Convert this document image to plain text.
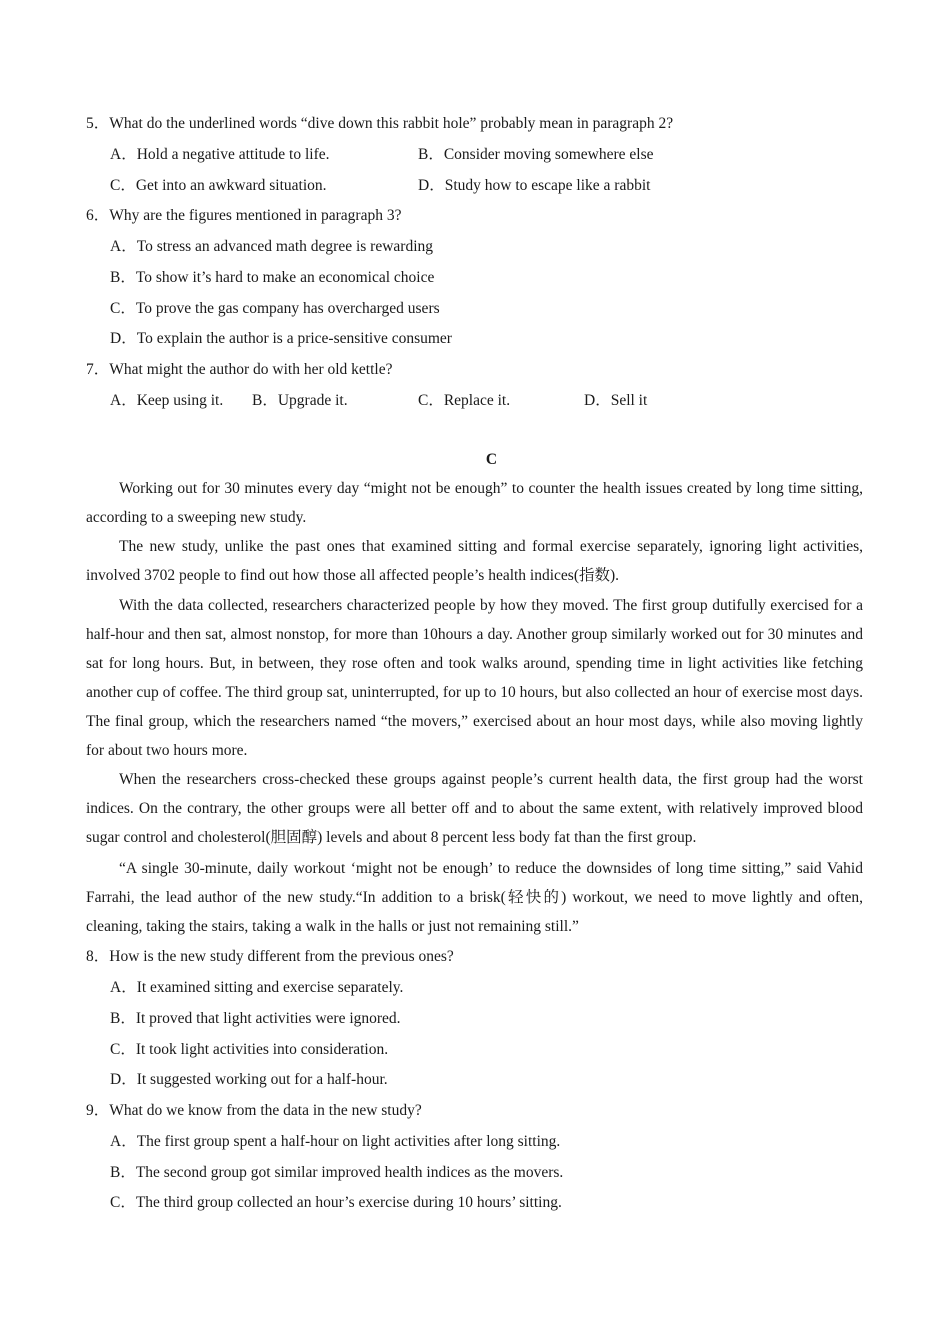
5．What do the underlined words “dive down this rabbit hole” probably mean in paragraph 2?
A．Hold a negative attitude to life.	B．Consider moving somewhere else
C．Get into an awkward situation.	D．Study how to escape like a rabbit
6．Why are the figures mentioned in paragraph 3?
A．To stress an advanced math degree is rewarding
B．To show it’s hard to make an economical choice
C．To prove the gas company has overcharged users
D．To explain the author is a price-sensitive consumer
7．What might the author do with her old kettle?
A．Keep using it. B．Upgrade it.	C．Replace it.	D．Sell it
C
Working out for 30 minutes every day “might not be enough” to counter the health issues created by long time sitting, according to a sweeping new study.
The new study, unlike the past ones that examined sitting and formal exercise separately, ignoring light activities, involved 3702 people to find out how those all affected people’s health indices(指数).
With the data collected, researchers characterized people by how they moved. The first group dutifully exercised for a half-hour and then sat, almost nonstop, for more than 10hours a day. Another group similarly worked out for 30 minutes and sat for long hours. But, in between, they rose often and took walks around, spending time in light activities like fetching another cup of coffee. The third group sat, uninterrupted, for up to 10 hours, but also collected an hour of exercise most days. The final group, which the researchers named “the movers,” exercised about an hour most days, while also moving lightly for about two hours more.
When the researchers cross-checked these groups against people’s current health data, the first group had the worst indices. On the contrary, the other groups were all better off and to about the same extent, with relatively improved blood sugar control and cholesterol(胆固醇) levels and about 8 percent less body fat than the first group.
“A single 30-minute, daily workout ‘might not be enough’ to reduce the downsides of long time sitting,” said Vahid Farrahi, the lead author of the new study.“In addition to a brisk(轻快的) workout, we need to move lightly and often, cleaning, taking the stairs, taking a walk in the halls or just not remaining still.”
8．How is the new study different from the previous ones?
A．It examined sitting and exercise separately.
B．It proved that light activities were ignored.
C．It took light activities into consideration.
D．It suggested working out for a half-hour.
9．What do we know from the data in the new study?
A．The first group spent a half-hour on light activities after long sitting.
B．The second group got similar improved health indices as the movers.
C．The third group collected an hour’s exercise during 10 hours’ sitting.
